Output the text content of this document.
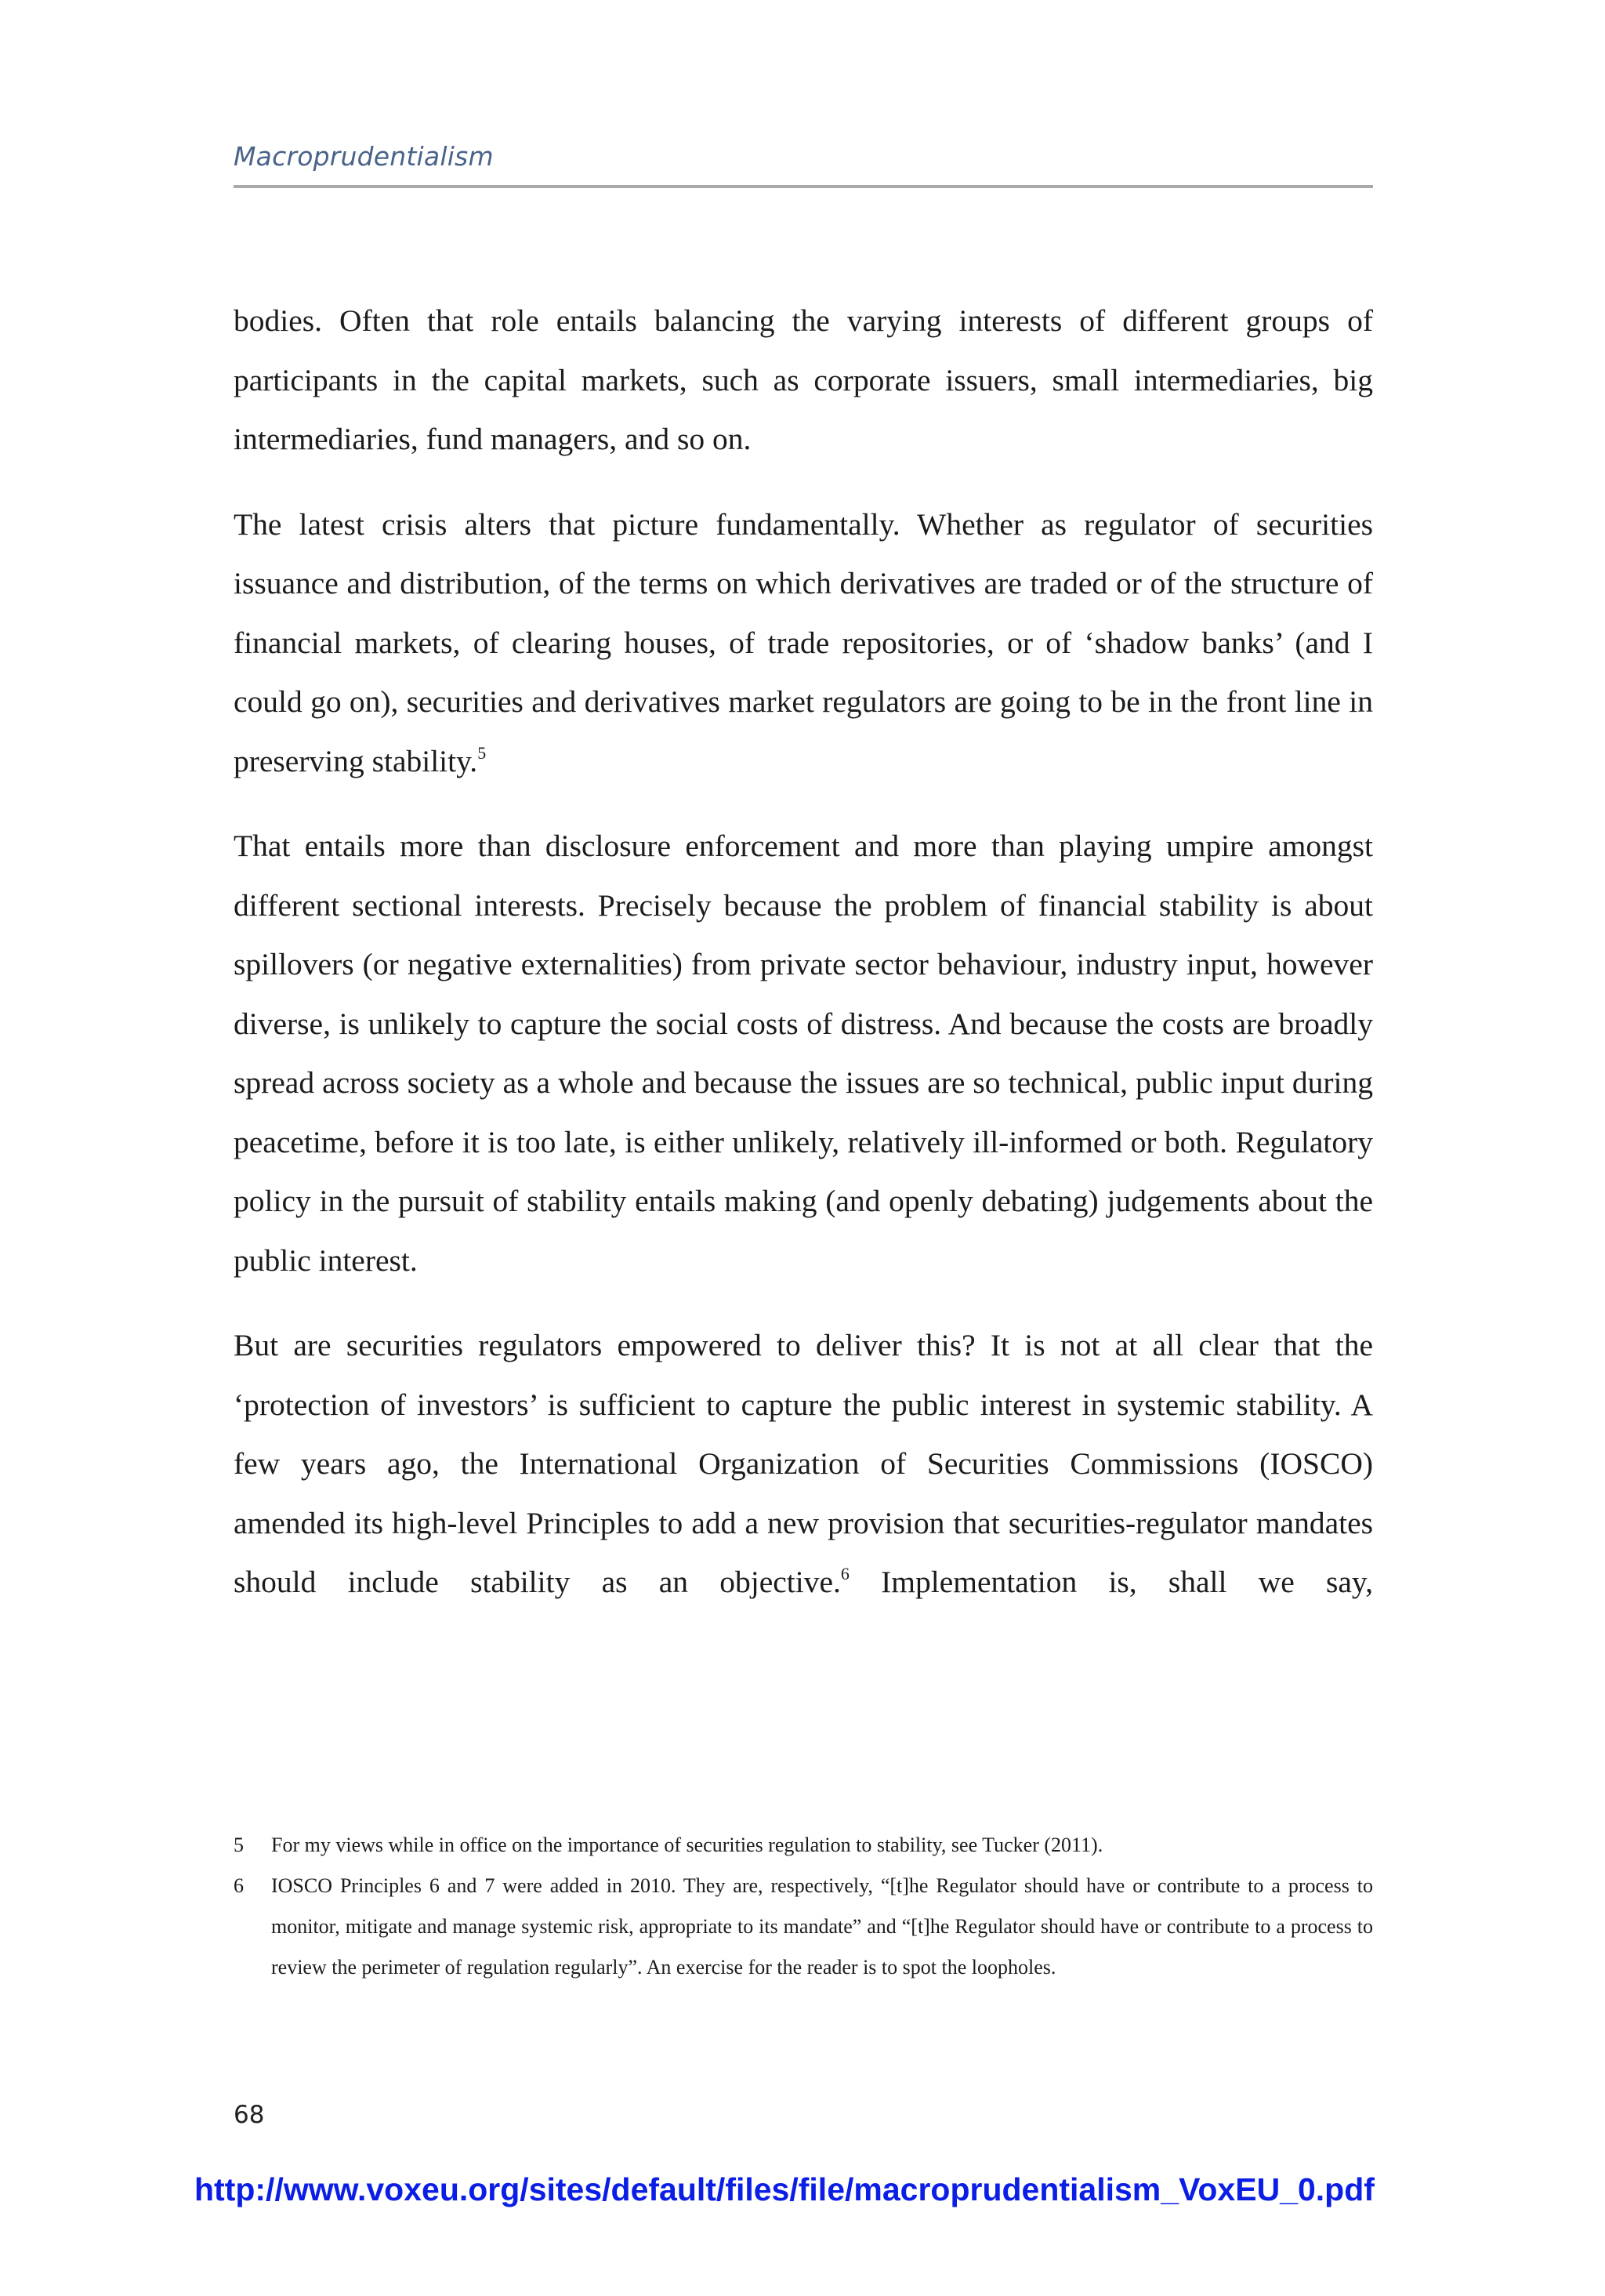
Macroprudentialism

bodies. Often that role entails balancing the varying interests of different groups of participants in the capital markets, such as corporate issuers, small intermediaries, big intermediaries, fund managers, and so on.

The latest crisis alters that picture fundamentally. Whether as regulator of securities issuance and distribution, of the terms on which derivatives are traded or of the structure of financial markets, of clearing houses, of trade repositories, or of ‘shadow banks’ (and I could go on), securities and derivatives market regulators are going to be in the front line in preserving stability.$^5$

That entails more than disclosure enforcement and more than playing umpire amongst different sectional interests. Precisely because the problem of financial stability is about spillovers (or negative externalities) from private sector behaviour, industry input, however diverse, is unlikely to capture the social costs of distress. And because the costs are broadly spread across society as a whole and because the issues are so technical, public input during peacetime, before it is too late, is either unlikely, relatively ill-informed or both. Regulatory policy in the pursuit of stability entails making (and openly debating) judgements about the public interest.

But are securities regulators empowered to deliver this? It is not at all clear that the ‘protection of investors’ is sufficient to capture the public interest in systemic stability. A few years ago, the International Organization of Securities Commissions (IOSCO) amended its high-level Principles to add a new provision that securities-regulator mandates should include stability as an objective.$^6$ Implementation is, shall we say,

5	For my views while in office on the importance of securities regulation to stability, see Tucker (2011).
6	IOSCO Principles 6 and 7 were added in 2010. They are, respectively, “[t]he Regulator should have or contribute to a process to monitor, mitigate and manage systemic risk, appropriate to its mandate” and “[t]he Regulator should have or contribute to a process to review the perimeter of regulation regularly”. An exercise for the reader is to spot the loopholes.
68
http://www.voxeu.org/sites/default/files/file/macroprudentialism_VoxEU_0.pdf
